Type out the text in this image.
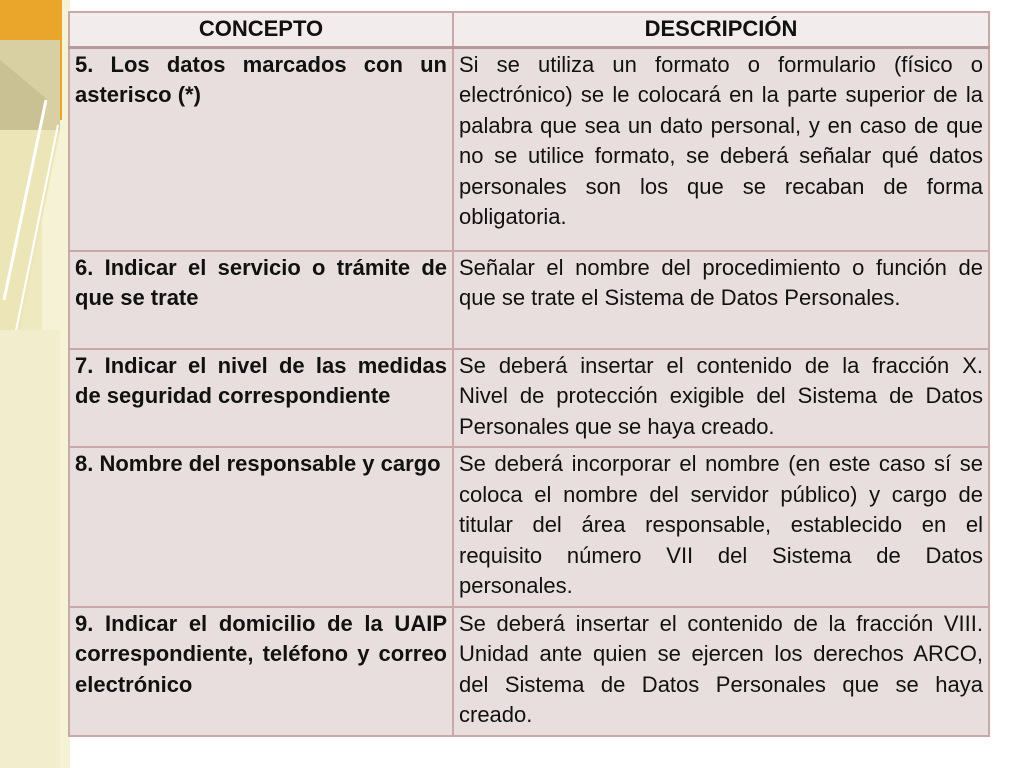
CONCEPTO	DESCRIPCIÓN
5. Los datos marcados con un asterisco (*)	Si se utiliza un formato o formulario (físico o electrónico) se le colocará en la parte superior de la palabra que sea un dato personal, y en caso de que no se utilice formato, se deberá señalar qué datos personales son los que se recaban de forma obligatoria.
6. Indicar el servicio o trámite de que se trate	Señalar el nombre del procedimiento o función de que se trate el Sistema de Datos Personales.
7. Indicar el nivel de las medidas de seguridad correspondiente	Se deberá insertar el contenido de la fracción X. Nivel de protección exigible del Sistema de Datos Personales que se haya creado.
8. Nombre del responsable y cargo	Se deberá incorporar el nombre (en este caso sí se coloca el nombre del servidor público) y cargo de titular del área responsable, establecido en el requisito número VII del Sistema de Datos personales.
9. Indicar el domicilio de la UAIP correspondiente, teléfono y correo electrónico	Se deberá insertar el contenido de la fracción VIII. Unidad ante quien se ejercen los derechos ARCO, del Sistema de Datos Personales que se haya creado.
